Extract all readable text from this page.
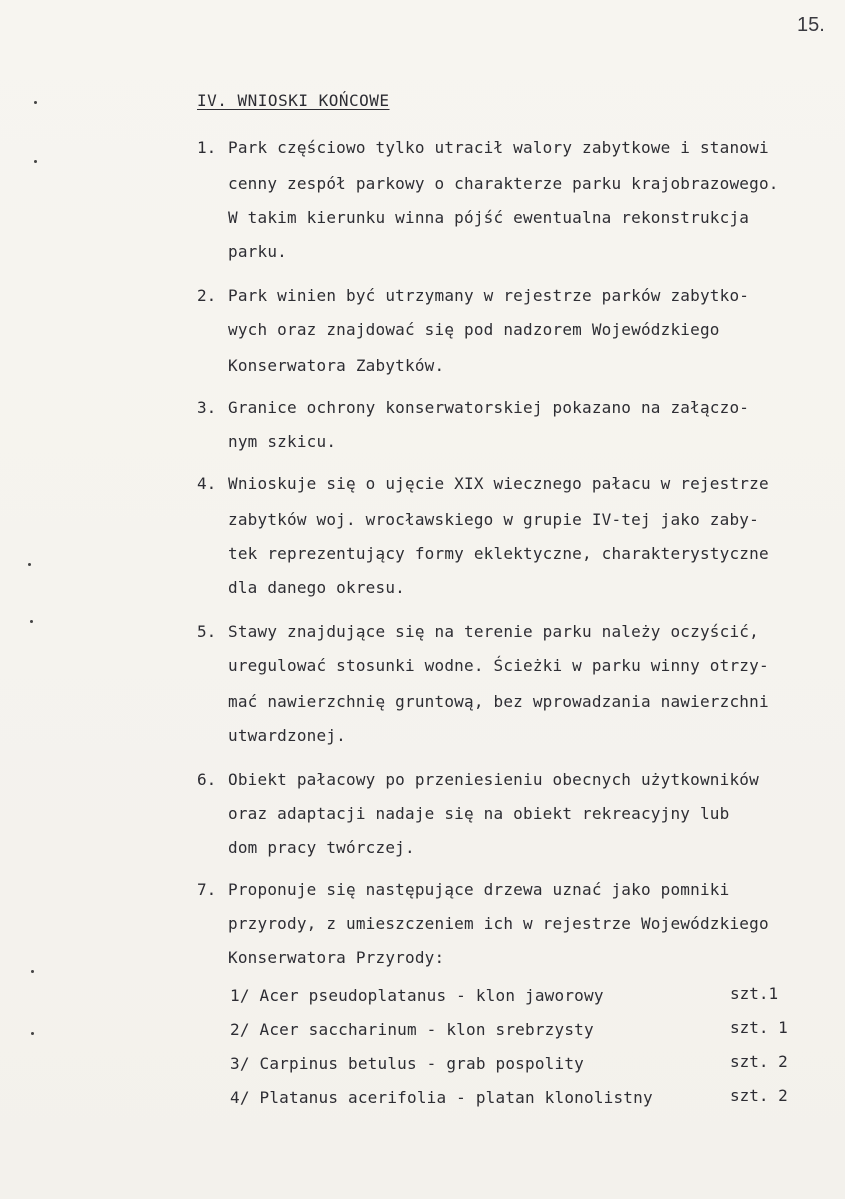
15.
IV. WNIOSKI KOŃCOWE
1. Park częściowo tylko utracił walory zabytkowe i stanowi
cenny zespół parkowy o charakterze parku krajobrazowego.
W takim kierunku winna pójść ewentualna rekonstrukcja
parku.
2. Park winien być utrzymany w rejestrze parków zabytko-
wych oraz znajdować się pod nadzorem Wojewódzkiego
Konserwatora Zabytków.
3. Granice ochrony konserwatorskiej pokazano na załączo-
nym szkicu.
4. Wnioskuje się o ujęcie XIX wiecznego pałacu w rejestrze
zabytków woj. wrocławskiego w grupie IV-tej jako zaby-
tek reprezentujący formy eklektyczne, charakterystyczne
dla danego okresu.
5. Stawy znajdujące się na terenie parku należy oczyścić,
uregulować stosunki wodne. Ścieżki w parku winny otrzy-
mać nawierzchnię gruntową, bez wprowadzania nawierzchni
utwardzonej.
6. Obiekt pałacowy po przeniesieniu obecnych użytkowników
oraz adaptacji nadaje się na obiekt rekreacyjny lub
dom pracy twórczej.
7. Proponuje się następujące drzewa uznać jako pomniki
przyrody, z umieszczeniem ich w rejestrze Wojewódzkiego
Konserwatora Przyrody:
1/ Acer pseudoplatanus - klon jaworowy	szt.1
2/ Acer saccharinum - klon srebrzysty	szt. 1
3/ Carpinus betulus - grab pospolity	szt. 2
4/ Platanus acerifolia - platan klonolistny	szt. 2
